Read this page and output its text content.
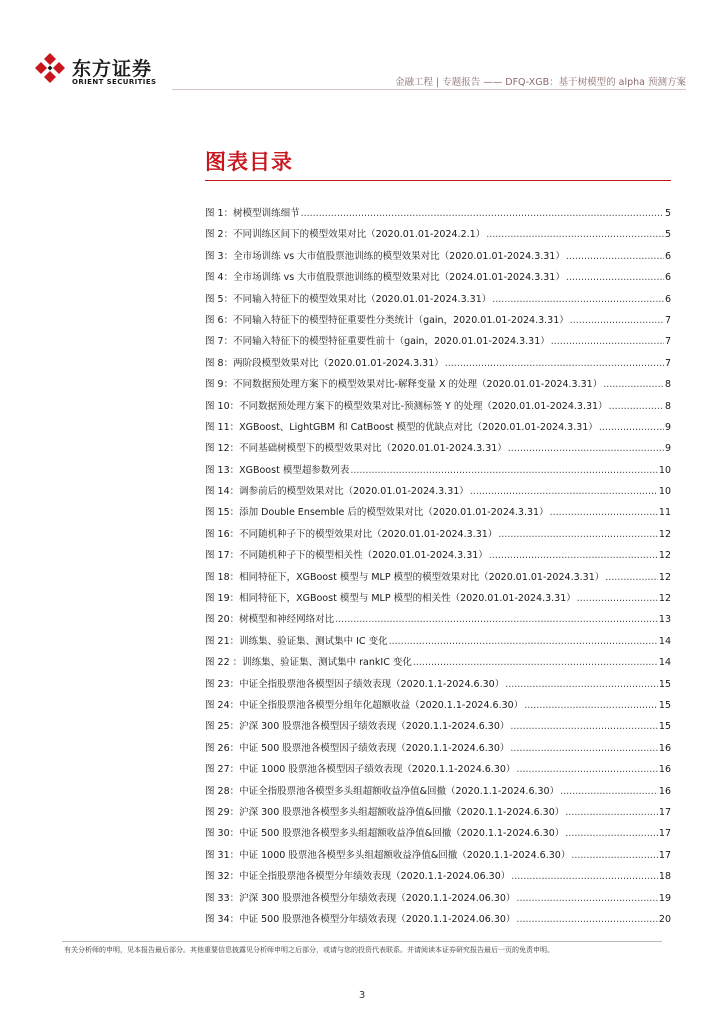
东方证券
ORIENT SECURITIES	金融工程 | 专题报告 —— DFQ-XGB：基于树模型的 alpha 预测方案
图表目录
图 1：树模型训练细节 .....	5
图 2：不同训练区间下的模型效果对比（2020.01.01-2024.2.1） .....	5
图 3：全市场训练 vs 大市值股票池训练的模型效果对比（2020.01.01-2024.3.31） .....	6
图 4：全市场训练 vs 大市值股票池训练的模型效果对比（2024.01.01-2024.3.31） .....	6
图 5：不同输入特征下的模型效果对比（2020.01.01-2024.3.31） .....	6
图 6：不同输入特征下的模型特征重要性分类统计（gain，2020.01.01-2024.3.31） .....	7
图 7：不同输入特征下的模型特征重要性前十（gain，2020.01.01-2024.3.31） .....	7
图 8：两阶段模型效果对比（2020.01.01-2024.3.31） .....	7
图 9：不同数据预处理方案下的模型效果对比-解释变量 X 的处理（2020.01.01-2024.3.31） .....	8
图 10：不同数据预处理方案下的模型效果对比-预测标签 Y 的处理（2020.01.01-2024.3.31） .....	8
图 11：XGBoost、LightGBM 和 CatBoost 模型的优缺点对比（2020.01.01-2024.3.31） .....	9
图 12：不同基础树模型下的模型效果对比（2020.01.01-2024.3.31） .....	9
图 13：XGBoost 模型超参数列表 .....	10
图 14：调参前后的模型效果对比（2020.01.01-2024.3.31） .....	10
图 15：添加 Double Ensemble 后的模型效果对比（2020.01.01-2024.3.31） .....	11
图 16：不同随机种子下的模型效果对比（2020.01.01-2024.3.31） .....	12
图 17：不同随机种子下的模型相关性（2020.01.01-2024.3.31） .....	12
图 18：相同特征下，XGBoost 模型与 MLP 模型的模型效果对比（2020.01.01-2024.3.31） .....	12
图 19：相同特征下，XGBoost 模型与 MLP 模型的相关性（2020.01.01-2024.3.31） .....	12
图 20：树模型和神经网络对比 .....	13
图 21：训练集、验证集、测试集中 IC 变化 .....	14
图 22 ：训练集、验证集、测试集中 rankIC 变化 .....	14
图 23：中证全指股票池各模型因子绩效表现（2020.1.1-2024.6.30） .....	15
图 24：中证全指股票池各模型分组年化超额收益（2020.1.1-2024.6.30） .....	15
图 25：沪深 300 股票池各模型因子绩效表现（2020.1.1-2024.6.30） .....	15
图 26：中证 500 股票池各模型因子绩效表现（2020.1.1-2024.6.30） .....	16
图 27：中证 1000 股票池各模型因子绩效表现（2020.1.1-2024.6.30） .....	16
图 28：中证全指股票池各模型多头组超额收益净值&回撤（2020.1.1-2024.6.30） .....	16
图 29：沪深 300 股票池各模型多头组超额收益净值&回撤（2020.1.1-2024.6.30） .....	17
图 30：中证 500 股票池各模型多头组超额收益净值&回撤（2020.1.1-2024.6.30） .....	17
图 31：中证 1000 股票池各模型多头组超额收益净值&回撤（2020.1.1-2024.6.30） .....	17
图 32：中证全指股票池各模型分年绩效表现（2020.1.1-2024.06.30） .....	18
图 33：沪深 300 股票池各模型分年绩效表现（2020.1.1-2024.06.30） .....	19
图 34：中证 500 股票池各模型分年绩效表现（2020.1.1-2024.06.30） .....	20
有关分析师的申明，见本报告最后部分。其他重要信息披露见分析师申明之后部分，或请与您的投资代表联系。并请阅读本证券研究报告最后一页的免责申明。
3
